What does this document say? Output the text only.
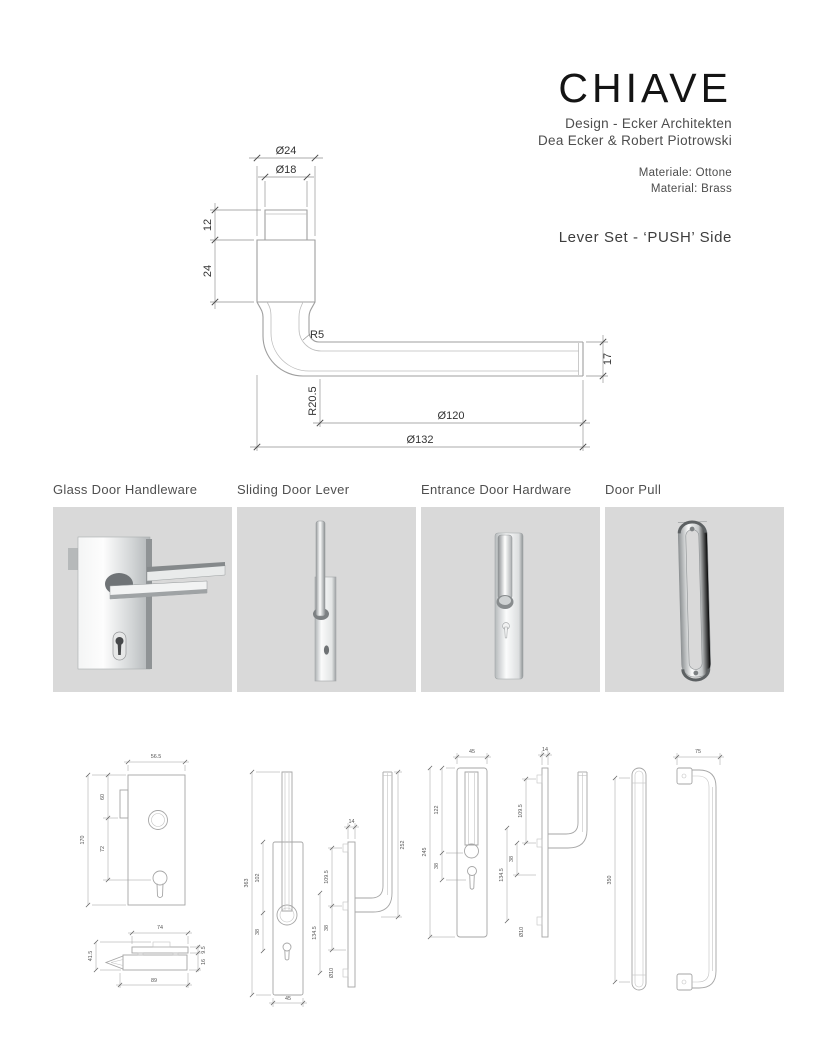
CHIAVE
Design - Ecker Architekten
Dea Ecker & Robert Piotrowski
Materiale: Ottone
Material: Brass
Lever Set - ‘PUSH’ Side
Ø24
Ø18
12
24
R5
R20.5
Ø120
Ø132
17
Glass Door Handleware	Sliding Door Lever	Entrance Door Hardware	Door Pull
56.5
60
72
170
74
41.5
89
9.5
16
363
102
38
45
14
109.5
38
Ø10
134.5
252
45
122
38
245
14
109.5
38
134.5
Ø10
350
75
